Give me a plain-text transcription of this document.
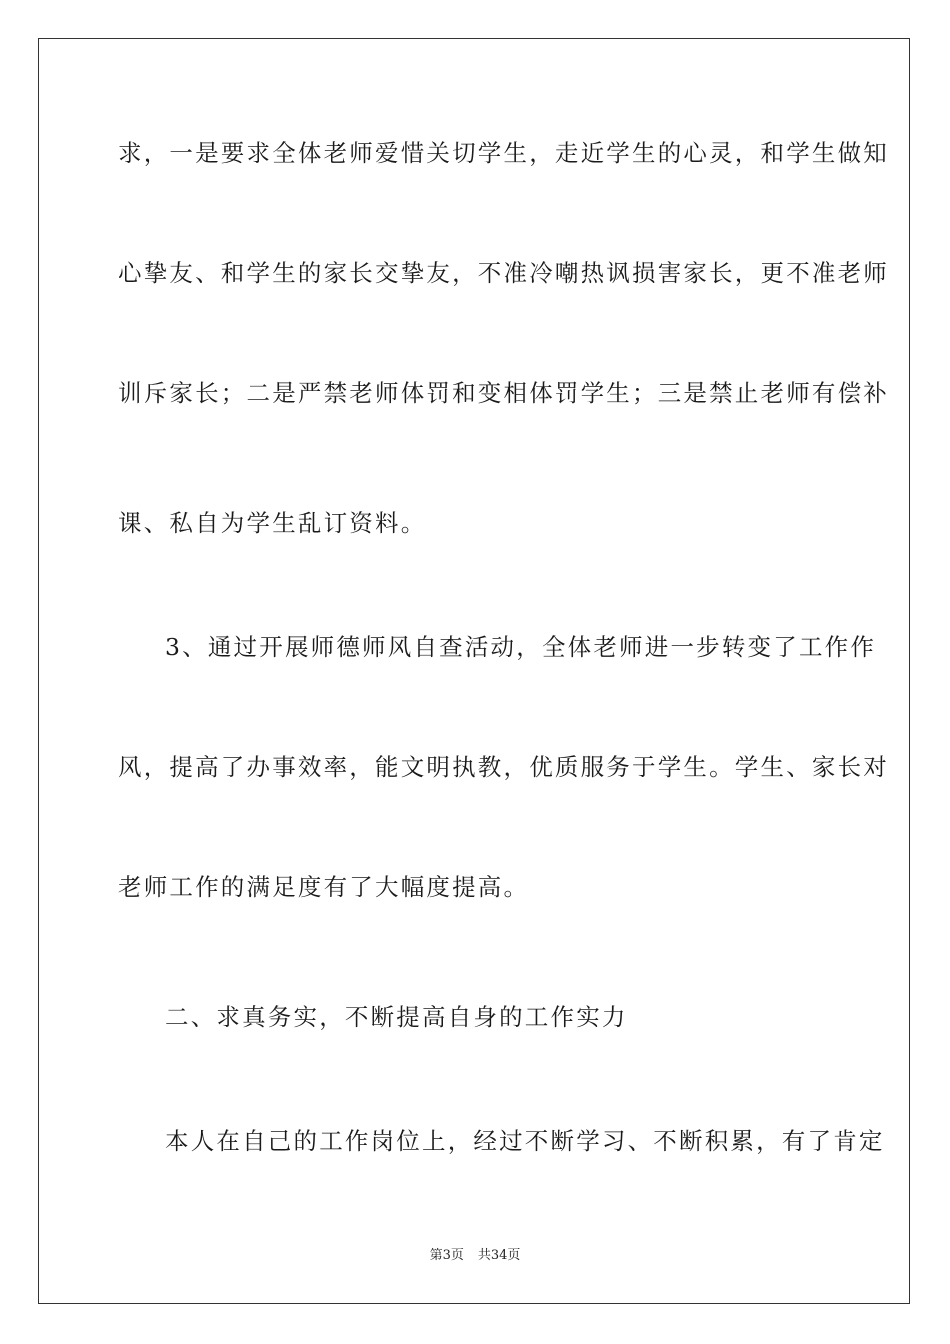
求，一是要求全体老师爱惜关切学生，走近学生的心灵，和学生做知
心挚友、和学生的家长交挚友，不准冷嘲热讽损害家长，更不准老师
训斥家长；二是严禁老师体罚和变相体罚学生；三是禁止老师有偿补
课、私自为学生乱订资料。
3、通过开展师德师风自查活动，全体老师进一步转变了工作作
风，提高了办事效率，能文明执教，优质服务于学生。学生、家长对
老师工作的满足度有了大幅度提高。
二、求真务实，不断提高自身的工作实力
本人在自己的工作岗位上，经过不断学习、不断积累，有了肯定
第3页 共34页
